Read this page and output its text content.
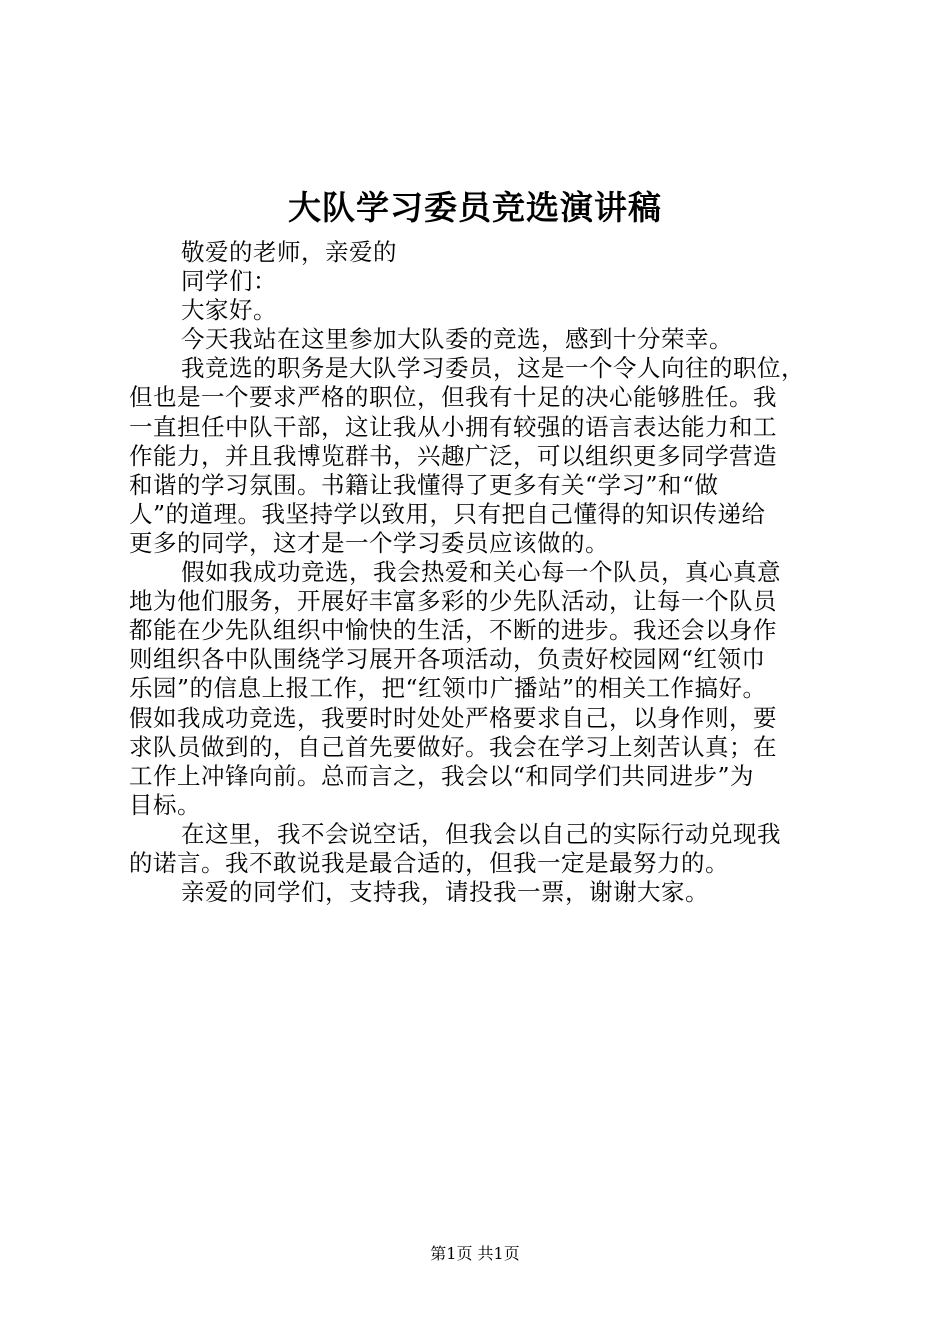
大队学习委员竞选演讲稿
敬爱的老师，亲爱的
同学们：
大家好。
今天我站在这里参加大队委的竞选，感到十分荣幸。
我竞选的职务是大队学习委员，这是一个令人向往的职位，
但也是一个要求严格的职位，但我有十足的决心能够胜任。我
一直担任中队干部，这让我从小拥有较强的语言表达能力和工
作能力，并且我博览群书，兴趣广泛，可以组织更多同学营造
和谐的学习氛围。书籍让我懂得了更多有关“学习”和“做
人”的道理。我坚持学以致用，只有把自己懂得的知识传递给
更多的同学，这才是一个学习委员应该做的。
假如我成功竞选，我会热爱和关心每一个队员，真心真意
地为他们服务，开展好丰富多彩的少先队活动，让每一个队员
都能在少先队组织中愉快的生活，不断的进步。我还会以身作
则组织各中队围绕学习展开各项活动，负责好校园网“红领巾
乐园”的信息上报工作，把“红领巾广播站”的相关工作搞好。
假如我成功竞选，我要时时处处严格要求自己，以身作则，要
求队员做到的，自己首先要做好。我会在学习上刻苦认真；在
工作上冲锋向前。总而言之，我会以“和同学们共同进步”为
目标。
在这里，我不会说空话，但我会以自己的实际行动兑现我
的诺言。我不敢说我是最合适的，但我一定是最努力的。
亲爱的同学们，支持我，请投我一票，谢谢大家。
第1页 共1页
